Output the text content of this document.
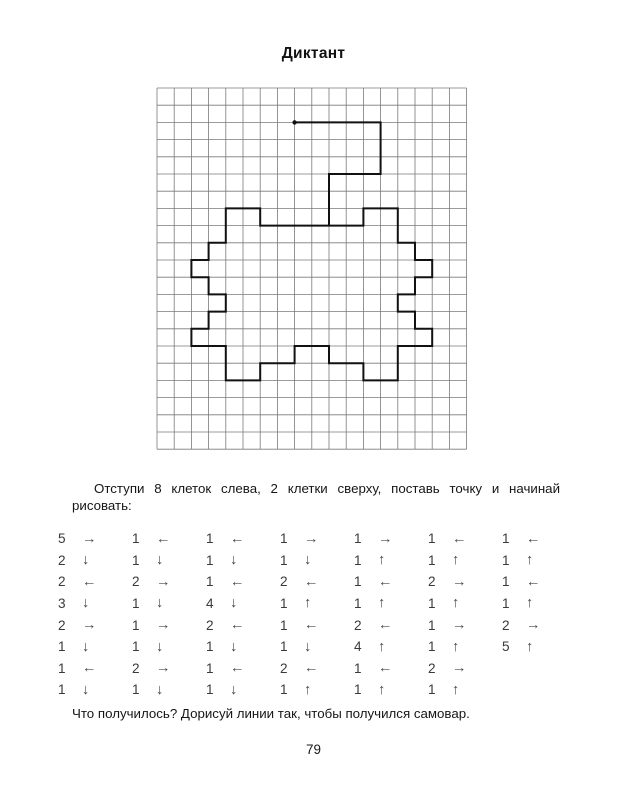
Диктант
Отступи 8 клеток слева, 2 клетки сверху, поставь точку и начинай рисовать:
5	→	1	←	1	←	1	→	1	→	1	←	1	←
2	↓	1	↓	1	↓	1	↓	1	↑	1	↑	1	↑
2	←	2	→	1	←	2	←	1	←	2	→	1	←
3	↓	1	↓	4	↓	1	↑	1	↑	1	↑	1	↑
2	→	1	→	2	←	1	←	2	←	1	→	2	→
1	↓	1	↓	1	↓	1	↓	4	↑	1	↑	5	↑
1	←	2	→	1	←	2	←	1	←	2	→
1	↓	1	↓	1	↓	1	↑	1	↑	1	↑
Что получилось? Дорисуй линии так, чтобы получился самовар.
79
